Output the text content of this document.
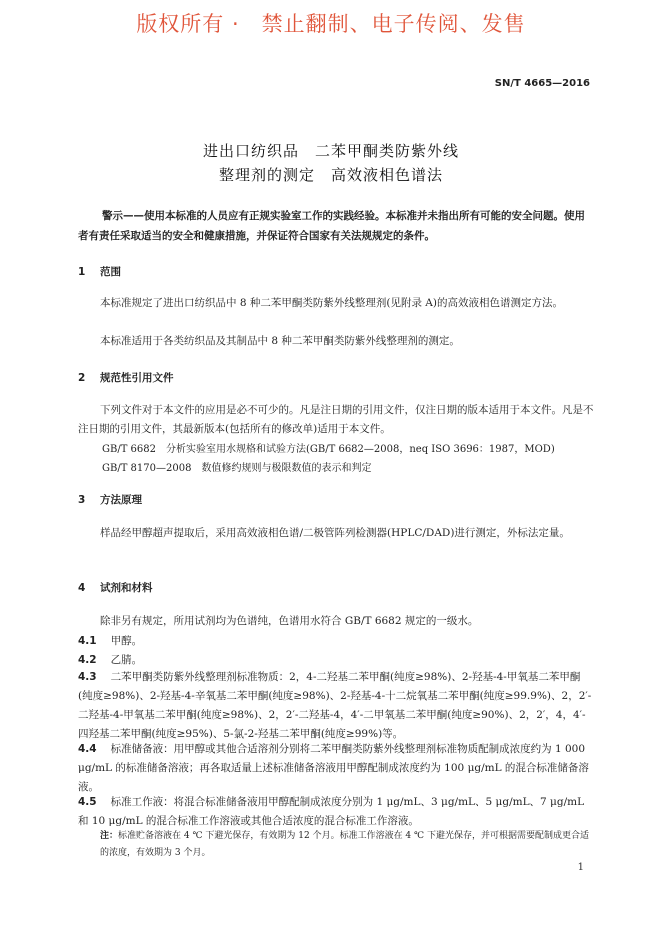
版权所有 ·　禁止翻制、电子传阅、发售
SN/T 4665—2016
进出口纺织品　二苯甲酮类防紫外线
整理剂的测定　高效液相色谱法
警示——使用本标准的人员应有正规实验室工作的实践经验。本标准并未指出所有可能的安全问题。使用者有责任采取适当的安全和健康措施，并保证符合国家有关法规规定的条件。
1 范围
本标准规定了进出口纺织品中 8 种二苯甲酮类防紫外线整理剂(见附录 A)的高效液相色谱测定方法。
本标准适用于各类纺织品及其制品中 8 种二苯甲酮类防紫外线整理剂的测定。
2 规范性引用文件
下列文件对于本文件的应用是必不可少的。凡是注日期的引用文件，仅注日期的版本适用于本文件。凡是不注日期的引用文件，其最新版本(包括所有的修改单)适用于本文件。
GB/T 6682　分析实验室用水规格和试验方法(GB/T 6682—2008，neq ISO 3696：1987，MOD)
GB/T 8170—2008　数值修约规则与极限数值的表示和判定
3 方法原理
样品经甲醇超声提取后，采用高效液相色谱/二极管阵列检测器(HPLC/DAD)进行测定，外标法定量。
4 试剂和材料
除非另有规定，所用试剂均为色谱纯，色谱用水符合 GB/T 6682 规定的一级水。
4.1 甲醇。
4.2 乙腈。
4.3 二苯甲酮类防紫外线整理剂标准物质：2，4-二羟基二苯甲酮(纯度≥98%)、2-羟基-4-甲氧基二苯甲酮(纯度≥98%)、2-羟基-4-辛氧基二苯甲酮(纯度≥98%)、2-羟基-4-十二烷氧基二苯甲酮(纯度≥99.9%)、2，2′-二羟基-4-甲氧基二苯甲酮(纯度≥98%)、2，2′-二羟基-4，4′-二甲氧基二苯甲酮(纯度≥90%)、2，2′，4，4′-四羟基二苯甲酮(纯度≥95%)、5-氯-2-羟基二苯甲酮(纯度≥99%)等。
4.4 标准储备液：用甲醇或其他合适溶剂分别将二苯甲酮类防紫外线整理剂标准物质配制成浓度约为 1 000 μg/mL 的标准储备溶液；再各取适量上述标准储备溶液用甲醇配制成浓度约为 100 μg/mL 的混合标准储备溶液。
4.5 标准工作液：将混合标准储备液用甲醇配制成浓度分别为 1 μg/mL、3 μg/mL、5 μg/mL、7 μg/mL 和 10 μg/mL 的混合标准工作溶液或其他合适浓度的混合标准工作溶液。
注：标准贮备溶液在 4 ℃ 下避光保存，有效期为 12 个月。标准工作溶液在 4 ℃ 下避光保存，并可根据需要配制成更合适的浓度，有效期为 3 个月。
1
